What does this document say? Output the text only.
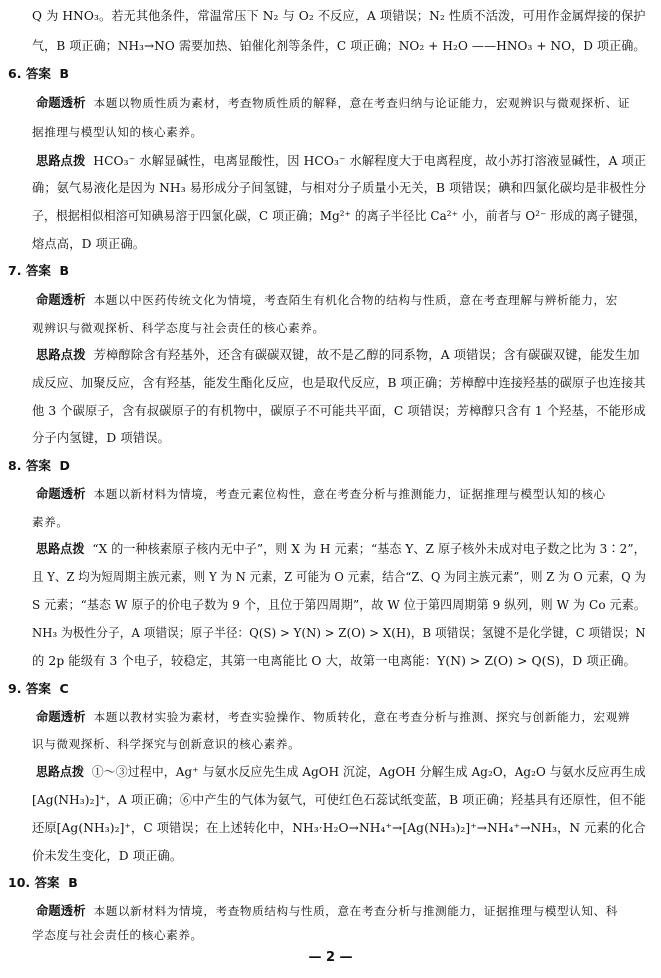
Q 为 HNO₃。若无其他条件，常温常压下 N₂ 与 O₂ 不反应，A 项错误；N₂ 性质不活泼，可用作金属焊接的保护
气，B 项正确；NH₃→NO 需要加热、铂催化剂等条件，C 项正确；NO₂ + H₂O ——HNO₃ + NO，D 项正确。
6. 答案 B
命题透析 本题以物质性质为素材，考查物质性质的解释，意在考查归纳与论证能力，宏观辨识与微观探析、证
据推理与模型认知的核心素养。
思路点拨 HCO₃⁻ 水解显碱性，电离显酸性，因 HCO₃⁻ 水解程度大于电离程度，故小苏打溶液显碱性，A 项正
确；氨气易液化是因为 NH₃ 易形成分子间氢键，与相对分子质量小无关，B 项错误；碘和四氯化碳均是非极性分
子，根据相似相溶可知碘易溶于四氯化碳，C 项正确；Mg²⁺ 的离子半径比 Ca²⁺ 小，前者与 O²⁻ 形成的离子键强，
熔点高，D 项正确。
7. 答案 B
命题透析 本题以中医药传统文化为情境，考查陌生有机化合物的结构与性质，意在考查理解与辨析能力，宏
观辨识与微观探析、科学态度与社会责任的核心素养。
思路点拨 芳樟醇除含有羟基外，还含有碳碳双键，故不是乙醇的同系物，A 项错误；含有碳碳双键，能发生加
成反应、加聚反应，含有羟基，能发生酯化反应，也是取代反应，B 项正确；芳樟醇中连接羟基的碳原子也连接其
他 3 个碳原子，含有叔碳原子的有机物中，碳原子不可能共平面，C 项错误；芳樟醇只含有 1 个羟基，不能形成
分子内氢键，D 项错误。
8. 答案 D
命题透析 本题以新材料为情境，考查元素位构性，意在考查分析与推测能力，证据推理与模型认知的核心
素养。
思路点拨 “X 的一种核素原子核内无中子”，则 X 为 H 元素；“基态 Y、Z 原子核外未成对电子数之比为 3∶2”，
且 Y、Z 均为短周期主族元素，则 Y 为 N 元素，Z 可能为 O 元素，结合“Z、Q 为同主族元素”，则 Z 为 O 元素，Q 为
S 元素；“基态 W 原子的价电子数为 9 个，且位于第四周期”，故 W 位于第四周期第 9 纵列，则 W 为 Co 元素。
NH₃ 为极性分子，A 项错误；原子半径：Q(S) > Y(N) > Z(O) > X(H)，B 项错误；氢键不是化学键，C 项错误；N
的 2p 能级有 3 个电子，较稳定，其第一电离能比 O 大，故第一电离能：Y(N) > Z(O) > Q(S)，D 项正确。
9. 答案 C
命题透析 本题以教材实验为素材，考查实验操作、物质转化，意在考查分析与推测、探究与创新能力，宏观辨
识与微观探析、科学探究与创新意识的核心素养。
思路点拨 ①～③过程中，Ag⁺ 与氨水反应先生成 AgOH 沉淀，AgOH 分解生成 Ag₂O，Ag₂O 与氨水反应再生成
[Ag(NH₃)₂]⁺，A 项正确；⑥中产生的气体为氨气，可使红色石蕊试纸变蓝，B 项正确；羟基具有还原性，但不能
还原[Ag(NH₃)₂]⁺，C 项错误；在上述转化中，NH₃·H₂O→NH₄⁺→[Ag(NH₃)₂]⁺→NH₄⁺→NH₃，N 元素的化合
价未发生变化，D 项正确。
10. 答案 B
命题透析 本题以新材料为情境，考查物质结构与性质，意在考查分析与推测能力，证据推理与模型认知、科
学态度与社会责任的核心素养。
— 2 —
